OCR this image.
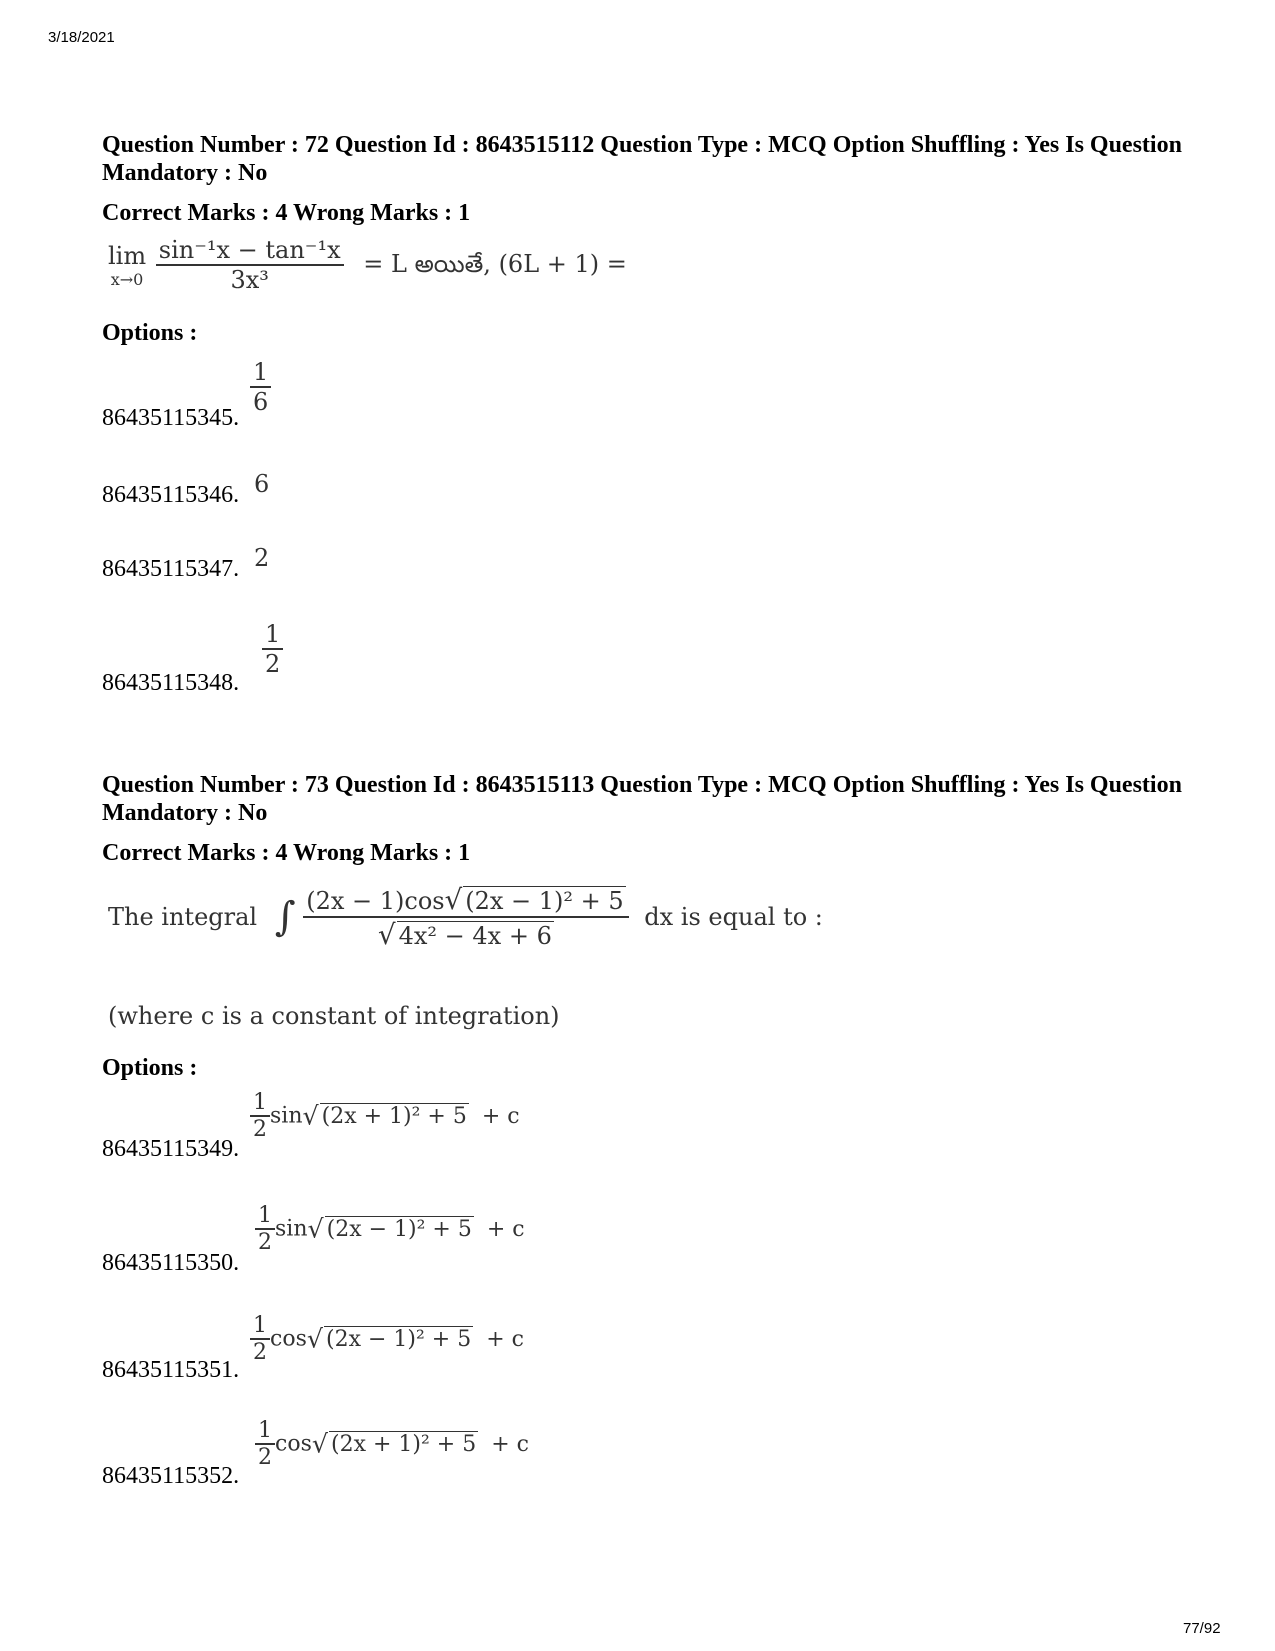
3/18/2021
Question Number : 72 Question Id : 8643515112 Question Type : MCQ Option Shuffling : Yes Is Question Mandatory : No
Correct Marks : 4 Wrong Marks : 1
lim
x→0
$\frac{\text{sin⁻¹x − tan⁻¹x}}{\text{3x³}} = L$ అయితే, (6L + 1) =
Options :
86435115345.
$\frac{1}{6}$
86435115346. 6
86435115347. 2
86435115348.
$\frac{1}{2}$
Question Number : 73 Question Id : 8643515113 Question Type : MCQ Option Shuffling : Yes Is Question Mandatory : No
Correct Marks : 4 Wrong Marks : 1
The integral ∫ $\frac{\text{(2x − 1)cos√ (2x − 1)² + 5}}{\text{√ 4x² − 4x + 6}}$ dx is equal to :
(where c is a constant of integration)
Options :
86435115349.
$\frac{1}{2} \sin√$ (2x + 1)² + 5 + c
86435115350.
$\frac{1}{2} \sin√$ (2x − 1)² + 5 + c
86435115351.
$\frac{1}{2} \cos√$ (2x − 1)² + 5 + c
86435115352.
$\frac{1}{2} \cos√$ (2x + 1)² + 5 + c
77/92
